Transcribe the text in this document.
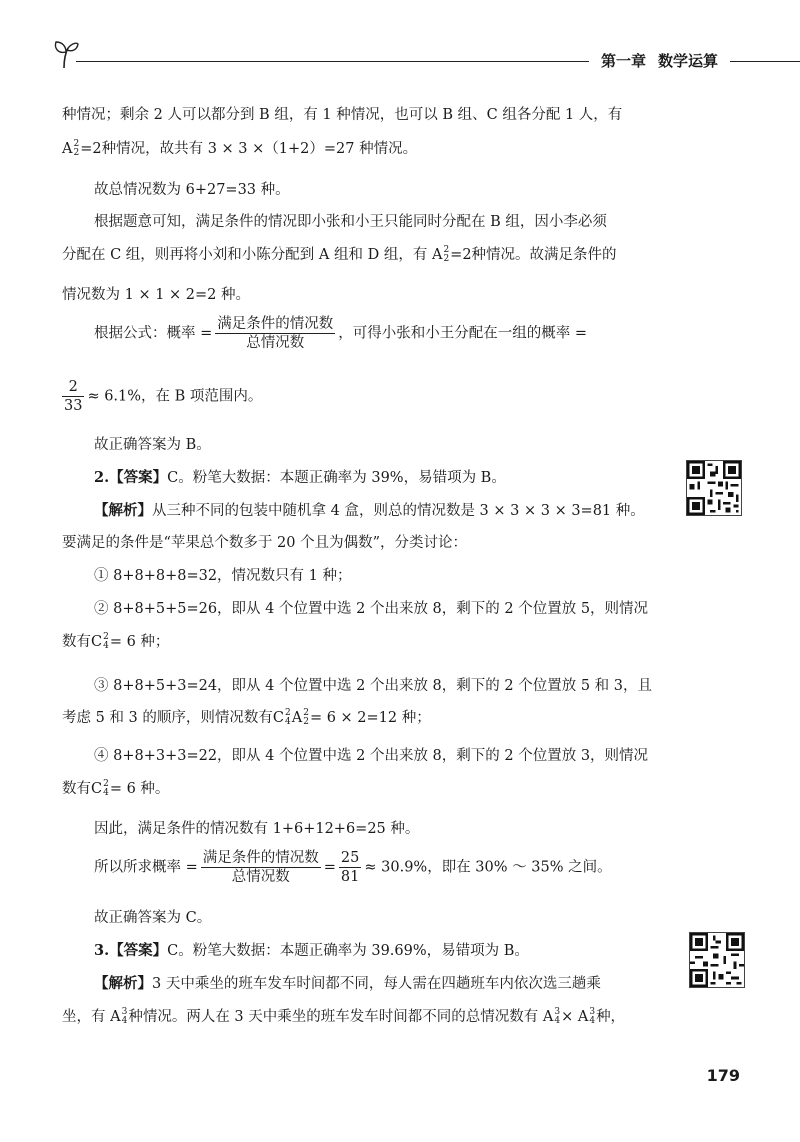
第一章 数学运算
种情况；剩余 2 人可以都分到 B 组，有 1 种情况，也可以 B 组、C 组各分配 1 人，有
A 2
2 =2种情况，故共有 3 × 3 ×（1+2）=27 种情况。
故总情况数为 6+27=33 种。
根据题意可知，满足条件的情况即小张和小王只能同时分配在 B 组，因小李必须
分配在 C 组，则再将小刘和小陈分配到 A 组和 D 组，有 A 2
2 =2种情况。故满足条件的
情况数为 1 × 1 × 2=2 种。
根据公式：概率 = $\frac{\text{满足条件的情况数}}{\text{总情况数}}$ ，可得小张和小王分配在一组的概率 =
$\frac{2}{33} \approx 6.1\%$，在 B 项范围内。
故正确答案为 B。
2.【答案】C。粉笔大数据：本题正确率为 39%，易错项为 B。
【解析】从三种不同的包装中随机拿 4 盒，则总的情况数是 3 × 3 × 3 × 3=81 种。
要满足的条件是“苹果总个数多于 20 个且为偶数”，分类讨论：
① 8+8+8+8=32，情况数只有 1 种；
② 8+8+5+5=26，即从 4 个位置中选 2 个出来放 8，剩下的 2 个位置放 5，则情况
数有C 2
4 = 6 种；
③ 8+8+5+3=24，即从 4 个位置中选 2 个出来放 8，剩下的 2 个位置放 5 和 3，且
考虑 5 和 3 的顺序，则情况数有C 2
4 A 2
2 = 6 × 2=12 种；
④ 8+8+3+3=22，即从 4 个位置中选 2 个出来放 8，剩下的 2 个位置放 3，则情况
数有C 2
4 = 6 种。
因此，满足条件的情况数有 1+6+12+6=25 种。
所以所求概率 = $\frac{\text{满足条件的情况数}}{\text{总情况数}} = \frac{25}{81} \approx 30.9\%$，即在 30% ～ 35% 之间。
故正确答案为 C。
3.【答案】C。粉笔大数据：本题正确率为 39.69%，易错项为 B。
【解析】3 天中乘坐的班车发车时间都不同，每人需在四趟班车内依次选三趟乘
坐，有 A 3
4 种情况。两人在 3 天中乘坐的班车发车时间都不同的总情况数有 A 3
4 × A 3
4 种，
179
